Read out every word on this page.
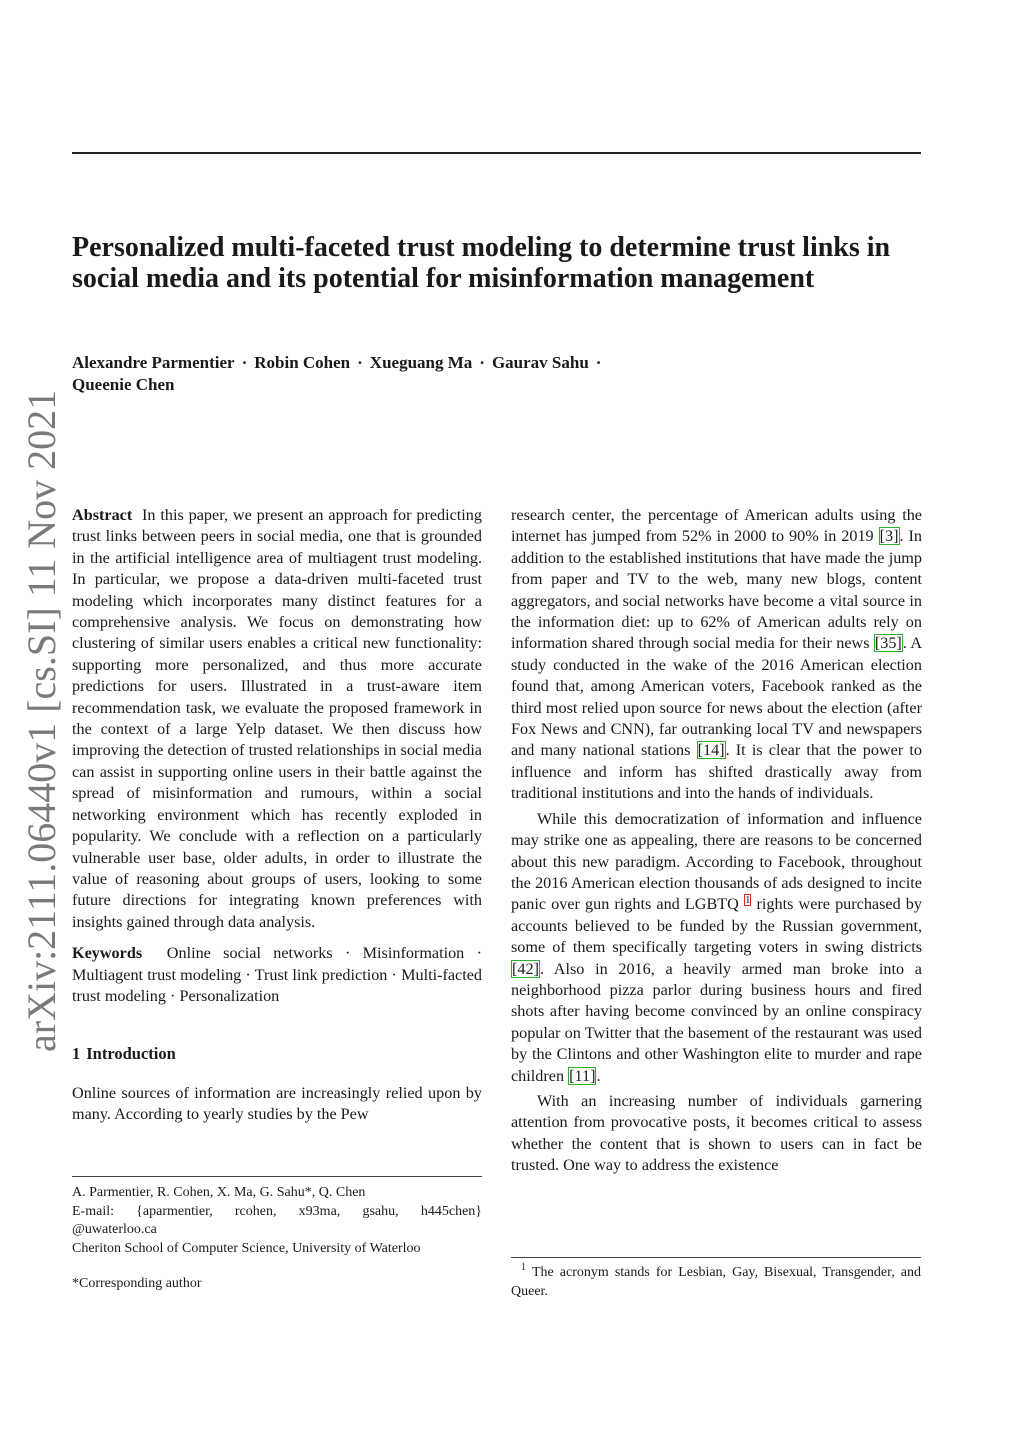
Personalized multi-faceted trust modeling to determine trust links in social media and its potential for misinformation management
Alexandre Parmentier · Robin Cohen · Xueguang Ma · Gaurav Sahu ·
Queenie Chen
arXiv:2111.06440v1 [cs.SI] 11 Nov 2021 Abstract In this paper, we present an approach for predicting trust links between peers in social media, one that is grounded in the artificial intelligence area of multiagent trust modeling. In particular, we propose a data-driven multi-faceted trust modeling which incorporates many distinct features for a comprehensive analysis. We focus on demonstrating how clustering of similar users enables a critical new functionality: supporting more personalized, and thus more accurate predictions for users. Illustrated in a trust-aware item recommendation task, we evaluate the proposed framework in the context of a large Yelp dataset. We then discuss how improving the detection of trusted relationships in social media can assist in supporting online users in their battle against the spread of misinformation and rumours, within a social networking environment which has recently exploded in popularity. We conclude with a reflection on a particularly vulnerable user base, older adults, in order to illustrate the value of reasoning about groups of users, looking to some future directions for integrating known preferences with insights gained through data analysis.

Keywords Online social networks · Misinformation · Multiagent trust modeling · Trust link prediction · Multi-facted trust modeling · Personalization

1 Introduction

Online sources of information are increasingly relied upon by many. According to yearly studies by the Pew

A. Parmentier, R. Cohen, X. Ma, G. Sahu*, Q. Chen

E-mail: {aparmentier, rcohen, x93ma, gsahu, h445chen}

@uwaterloo.ca

Cheriton School of Computer Science, University of Waterloo

*Corresponding author

research center, the percentage of American adults using the internet has jumped from 52% in 2000 to 90% in 2019 [3]. In addition to the established institutions that have made the jump from paper and TV to the web, many new blogs, content aggregators, and social networks have become a vital source in the information diet: up to 62% of American adults rely on information shared through social media for their news [35]. A study conducted in the wake of the 2016 American election found that, among American voters, Facebook ranked as the third most relied upon source for news about the election (after Fox News and CNN), far outranking local TV and newspapers and many national stations [14]. It is clear that the power to influence and inform has shifted drastically away from traditional institutions and into the hands of individuals.

While this democratization of information and influence may strike one as appealing, there are reasons to be concerned about this new paradigm. According to Facebook, throughout the 2016 American election thousands of ads designed to incite panic over gun rights and LGBTQ $^1$ rights were purchased by accounts believed to be funded by the Russian government, some of them specifically targeting voters in swing districts [42]. Also in 2016, a heavily armed man broke into a neighborhood pizza parlor during business hours and fired shots after having become convinced by an online conspiracy popular on Twitter that the basement of the restaurant was used by the Clintons and other Washington elite to murder and rape children [11].

With an increasing number of individuals garnering attention from provocative posts, it becomes critical to assess whether the content that is shown to users can in fact be trusted. One way to address the existence

$^1$ The acronym stands for Lesbian, Gay, Bisexual, Transgender, and Queer.
